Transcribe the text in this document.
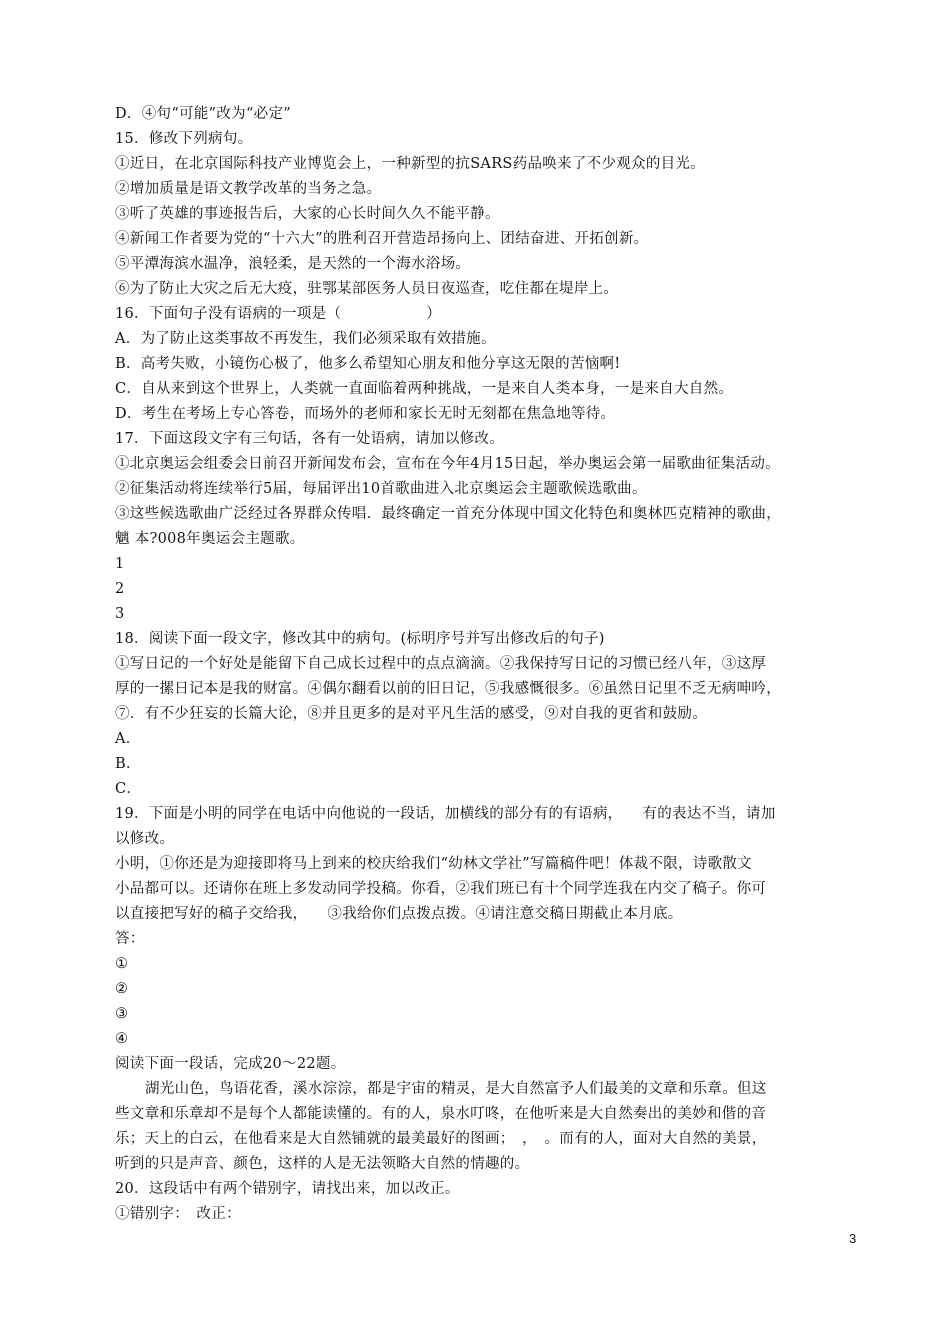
D．④句“可能”改为“必定”
15．修改下列病句。
①近日，在北京国际科技产业博览会上，一种新型的抗SARS药品唤来了不少观众的目光。
②增加质量是语文教学改革的当务之急。
③听了英雄的事迹报告后，大家的心长时间久久不能平静。
④新闻工作者要为党的“十六大”的胜利召开营造昂扬向上、团结奋进、开拓创新。
⑤平潭海滨水温净，浪轻柔，是天然的一个海水浴场。
⑥为了防止大灾之后无大疫，驻鄂某部医务人员日夜巡查，吃住都在堤岸上。
16．下面句子没有语病的一项是（	）
A．为了防止这类事故不再发生，我们必须采取有效措施。
B．高考失败，小镜伤心极了，他多么希望知心朋友和他分享这无限的苦恼啊!
C．自从来到这个世界上，人类就一直面临着两种挑战，一是来自人类本身，一是来自大自然。
D．考生在考场上专心答卷，而场外的老师和家长无时无刻都在焦急地等待。
17．下面这段文字有三句话，各有一处语病，请加以修改。
①北京奥运会组委会日前召开新闻发布会，宣布在今年4月15日起，举办奥运会第一届歌曲征集活动。
②征集活动将连续举行5届，每届评出10首歌曲进入北京奥运会主题歌候选歌曲。
③这些候选歌曲广泛经过各界群众传唱．最终确定一首充分体现中国文化特色和奥林匹克精神的歌曲，
魑 本?008年奥运会主题歌。
1
2
3
18．阅读下面一段文字，修改其中的病句。(标明序号并写出修改后的句子)
①写日记的一个好处是能留下自己成长过程中的点点滴滴。②我保持写日记的习惯已经八年，③这厚
厚的一摞日记本是我的财富。④偶尔翻看以前的旧日记，⑤我感慨很多。⑥虽然日记里不乏无病呻吟，
⑦．有不少狂妄的长篇大论，⑧并且更多的是对平凡生活的感受，⑨对自我的更省和鼓励。
A．
B．
C．
19．下面是小明的同学在电话中向他说的一段话，加横线的部分有的有语病， 有的表达不当，请加
以修改。
小明，①你还是为迎接即将马上到来的校庆给我们“幼林文学社”写篇稿件吧！体裁不限，诗歌散文
小品都可以。还请你在班上多发动同学投稿。你看，②我们班已有十个同学连我在内交了稿子。你可
以直接把写好的稿子交给我， ③我给你们点拨点拨。④请注意交稿日期截止本月底。
答：
①
②
③
④
阅读下面一段话，完成20～22题。
湖光山色，鸟语花香，溪水淙淙，都是宇宙的精灵，是大自然富予人们最美的文章和乐章。但这
些文章和乐章却不是每个人都能读懂的。有的人，泉水叮咚，在他听来是大自然奏出的美妙和偕的音
乐；天上的白云，在他看来是大自然铺就的最美最好的图画；　，　。而有的人，面对大自然的美景，
听到的只是声音、颜色，这样的人是无法领略大自然的情趣的。
20．这段话中有两个错别字，请找出来，加以改正。
①错别字：　改正：
3
